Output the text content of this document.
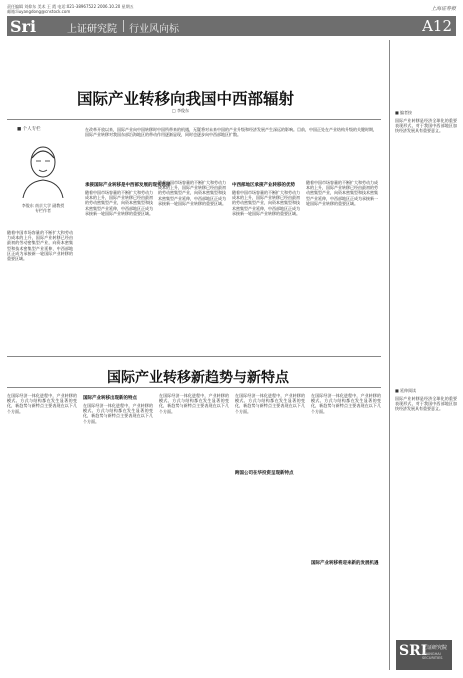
责任编辑 刘仰东 美术 王 霞 电话:021-38967522 2006.10.20 星期五
邮箱:liuyangdong@cnstock.com	上海证券报
Sri	上证研究院 行业风向标	A12
国际产业转移向我国中西部辐射
□ 李俊东
■ 个人专栏
李俊东 南京大学 副教授 专栏作者
在改革开放以来，国际产业向中国转移时中国所带来的机遇，无疑将对未来中国的产业升级和经济发展产生深远的影响。目前，中国正处在产业结构升级的关键时期，国际产业转移对我国东部沿海地区的带动作用逐渐显现，同时也逐步向中西部地区扩散。
随着中国市场容量的不断扩大和劳动力成本的上升，国际产业转移已经由最初的劳动密集型产业，向资本密集型和技术密集型产业延伸，中西部地区正成为承接新一轮国际产业转移的重要区域。
承接国际产业转移是中西部发展的现实选择
随着中国市场容量的不断扩大和劳动力成本的上升，国际产业转移已经由最初的劳动密集型产业，向资本密集型和技术密集型产业延伸，中西部地区正成为承接新一轮国际产业转移的重要区域。
随着中国市场容量的不断扩大和劳动力成本的上升，国际产业转移已经由最初的劳动密集型产业，向资本密集型和技术密集型产业延伸，中西部地区正成为承接新一轮国际产业转移的重要区域。
中西部地区承接产业转移的优势
随着中国市场容量的不断扩大和劳动力成本的上升，国际产业转移已经由最初的劳动密集型产业，向资本密集型和技术密集型产业延伸，中西部地区正成为承接新一轮国际产业转移的重要区域。
随着中国市场容量的不断扩大和劳动力成本的上升，国际产业转移已经由最初的劳动密集型产业，向资本密集型和技术密集型产业延伸，中西部地区正成为承接新一轮国际产业转移的重要区域。
国际产业转移新趋势与新特点
在国际经济一体化进程中，产业转移的模式、方式与结构都在发生显著的变化，新趋势与新特点主要表现在以下几个方面。
国际产业转移出现新的特点
在国际经济一体化进程中，产业转移的模式、方式与结构都在发生显著的变化，新趋势与新特点主要表现在以下几个方面。
在国际经济一体化进程中，产业转移的模式、方式与结构都在发生显著的变化，新趋势与新特点主要表现在以下几个方面。
跨国公司在华投资呈现新特点
在国际经济一体化进程中，产业转移的模式、方式与结构都在发生显著的变化，新趋势与新特点主要表现在以下几个方面。
国际产业转移将迎来新的发展机遇
在国际经济一体化进程中，产业转移的模式、方式与结构都在发生显著的变化，新趋势与新特点主要表现在以下几个方面。
■ 编者按
国际产业转移是经济全球化的重要表现形式，对于我国中西部地区加快经济发展具有重要意义。
■ 延伸阅读
国际产业转移是经济全球化的重要表现形式，对于我国中西部地区加快经济发展具有重要意义。
SRI
上证研究院
SHANGHAI SECURITIES
